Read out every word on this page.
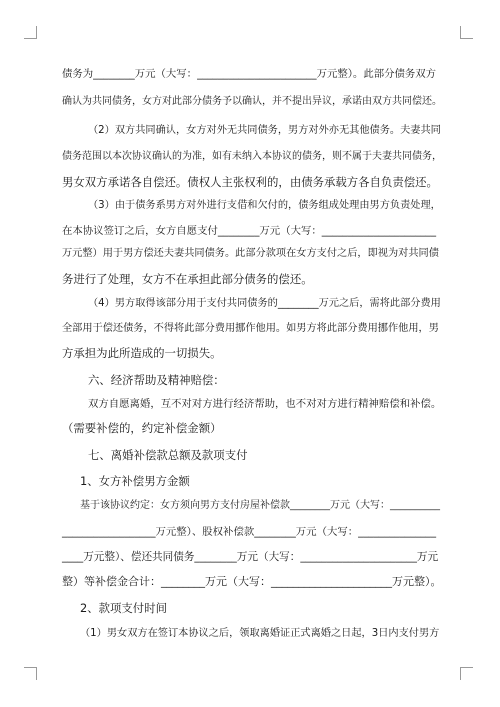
债务为________万元（大写：_______________________万元整）。此部分债务双方
确认为共同债务，女方对此部分债务予以确认，并不提出异议，承诺由双方共同偿还。
（2）双方共同确认，女方对外无共同债务，男方对外亦无其他债务。夫妻共同
债务范围以本次协议确认的为准，如有未纳入本协议的债务，则不属于夫妻共同债务，
男女双方承诺各自偿还。债权人主张权利的，由债务承载方各自负责偿还。
（3）由于债务系男方对外进行支借和欠付的，债务组成处理由男方负责处理，
在本协议签订之后，女方自愿支付________万元（大写：______________________
万元整）用于男方偿还夫妻共同债务。此部分款项在女方支付之后，即视为对共同债
务进行了处理，女方不在承担此部分债务的偿还。
（4）男方取得该部分用于支付共同债务的________万元之后，需将此部分费用
全部用于偿还债务，不得将此部分费用挪作他用。如男方将此部分费用挪作他用，男
方承担为此所造成的一切损失。
六、经济帮助及精神赔偿：
双方自愿离婚，互不对对方进行经济帮助，也不对对方进行精神赔偿和补偿。
（需要补偿的，约定补偿金额）
七、离婚补偿款总额及款项支付
1、女方补偿男方金额
基于该协议约定：女方须向男方支付房屋补偿款________万元（大写：__________
__________________万元整）、股权补偿款________万元（大写：_______________
____万元整）、偿还共同债务________万元（大写：______________________万元
整）等补偿金合计：________万元（大写：______________________万元整）。
2、款项支付时间
（1）男女双方在签订本协议之后，领取离婚证正式离婚之日起，3日内支付男方
